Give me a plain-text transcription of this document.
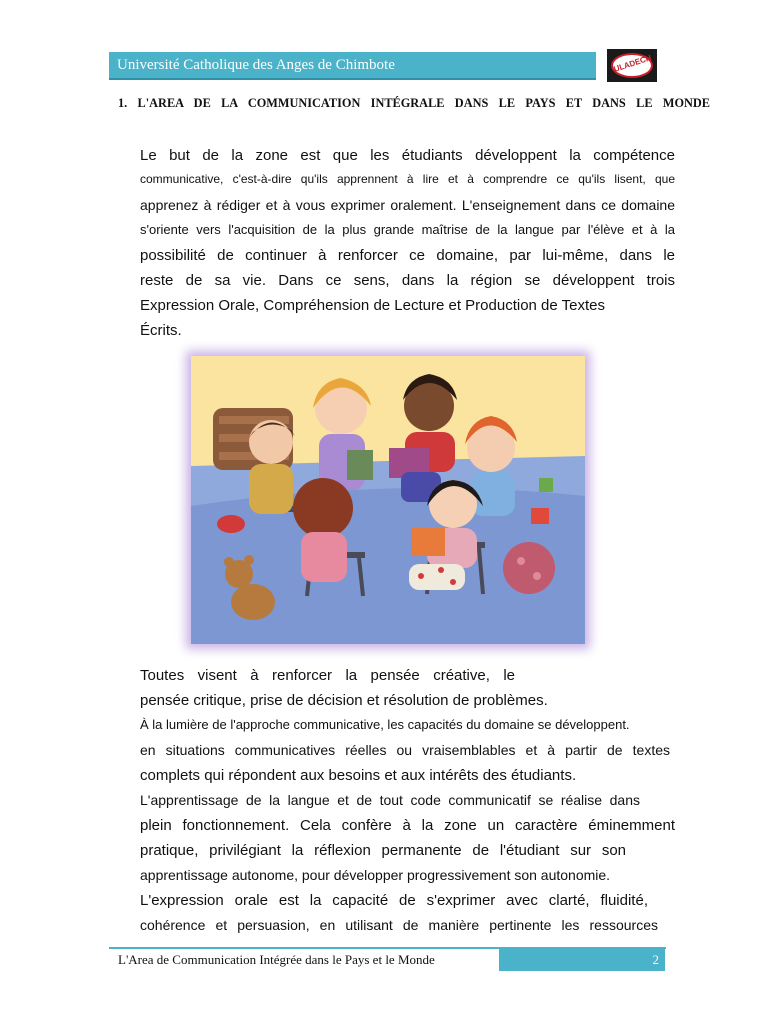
Université Catholique des Anges de Chimbote	ULADECH
1. L'AREA DE LA COMMUNICATION INTÉGRALE DANS LE PAYS ET DANS LE MONDE
Le but de la zone est que les étudiants développent la compétence
communicative, c'est-à-dire qu'ils apprennent à lire et à comprendre ce qu'ils lisent, que
apprenez à rédiger et à vous exprimer oralement. L'enseignement dans ce domaine
s'oriente vers l'acquisition de la plus grande maîtrise de la langue par l'élève et à la
possibilité de continuer à renforcer ce domaine, par lui-même, dans le
reste de sa vie. Dans ce sens, dans la région se développent trois
Expression Orale, Compréhension de Lecture et Production de Textes
Écrits.
Toutes visent à renforcer la pensée créative, le
pensée critique, prise de décision et résolution de problèmes.
À la lumière de l'approche communicative, les capacités du domaine se développent.
en situations communicatives réelles ou vraisemblables et à partir de textes
complets qui répondent aux besoins et aux intérêts des étudiants.
L'apprentissage de la langue et de tout code communicatif se réalise dans
plein fonctionnement. Cela confère à la zone un caractère éminemment
pratique, privilégiant la réflexion permanente de l'étudiant sur son
apprentissage autonome, pour développer progressivement son autonomie.
L'expression orale est la capacité de s'exprimer avec clarté, fluidité,
cohérence et persuasion, en utilisant de manière pertinente les ressources
L'Area de Communication Intégrée dans le Pays et le Monde	2
